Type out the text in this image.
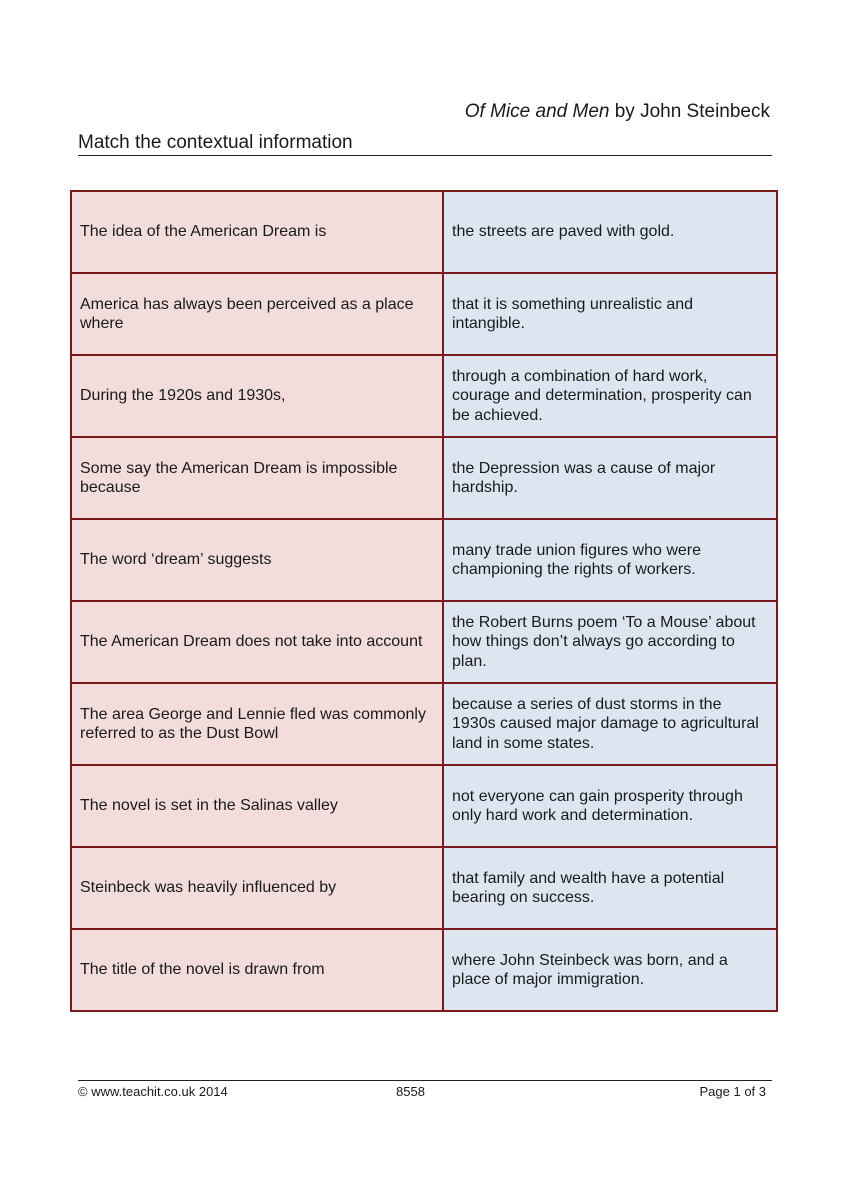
Of Mice and Men by John Steinbeck
Match the contextual information
The idea of the American Dream is	the streets are paved with gold.
America has always been perceived as a place where	that it is something unrealistic and intangible.
During the 1920s and 1930s,	through a combination of hard work, courage and determination, prosperity can be achieved.
Some say the American Dream is impossible because	the Depression was a cause of major hardship.
The word ‘dream’ suggests	many trade union figures who were championing the rights of workers.
The American Dream does not take into account	the Robert Burns poem ‘To a Mouse’ about how things don’t always go according to plan.
The area George and Lennie fled was commonly referred to as the Dust Bowl	because a series of dust storms in the 1930s caused major damage to agricultural land in some states.
The novel is set in the Salinas valley	not everyone can gain prosperity through only hard work and determination.
Steinbeck was heavily influenced by	that family and wealth have a potential bearing on success.
The title of the novel is drawn from	where John Steinbeck was born, and a place of major immigration.
© www.teachit.co.uk 2014	8558	Page 1 of 3
